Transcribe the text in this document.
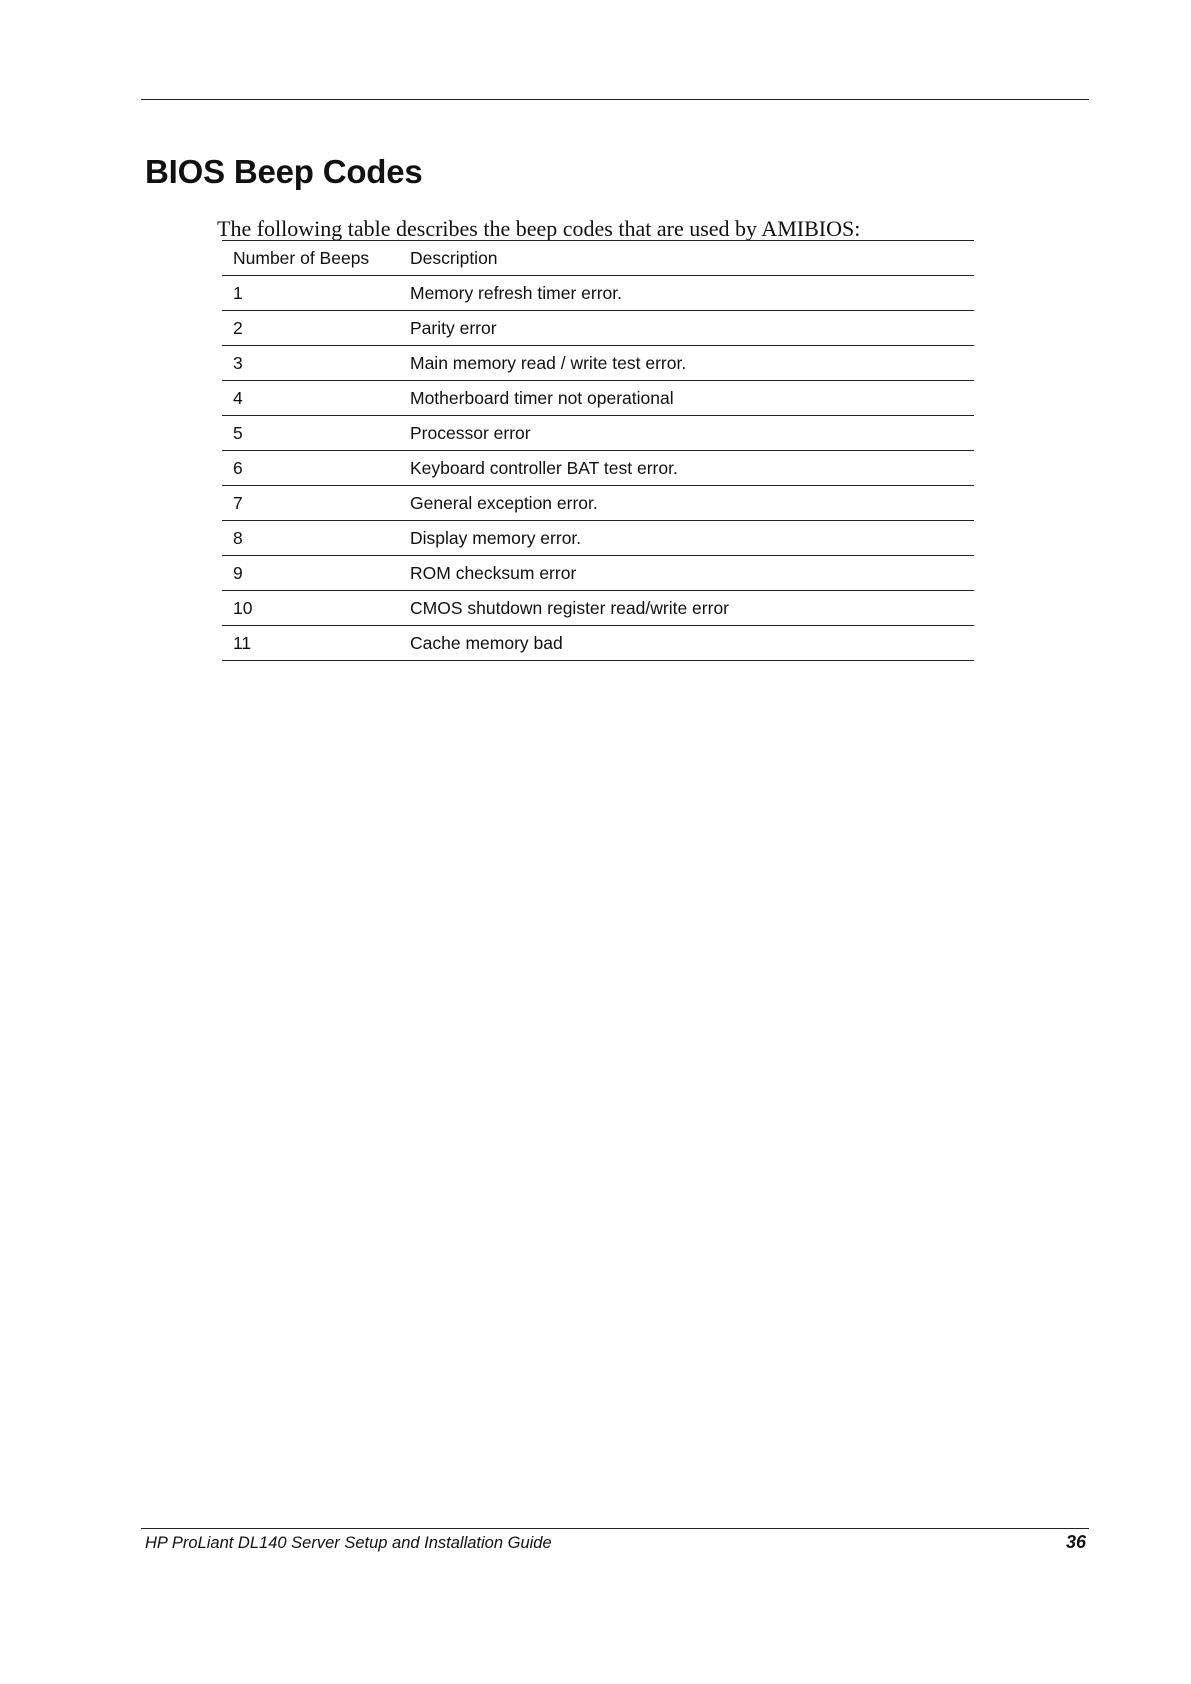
BIOS Beep Codes

The following table describes the beep codes that are used by AMIBIOS:

Number of Beeps	Description
1	Memory refresh timer error.
2	Parity error
3	Main memory read / write test error.
4	Motherboard timer not operational
5	Processor error
6	Keyboard controller BAT test error.
7	General exception error.
8	Display memory error.
9	ROM checksum error
10	CMOS shutdown register read/write error
11	Cache memory bad
HP ProLiant DL140 Server Setup and Installation Guide	36
